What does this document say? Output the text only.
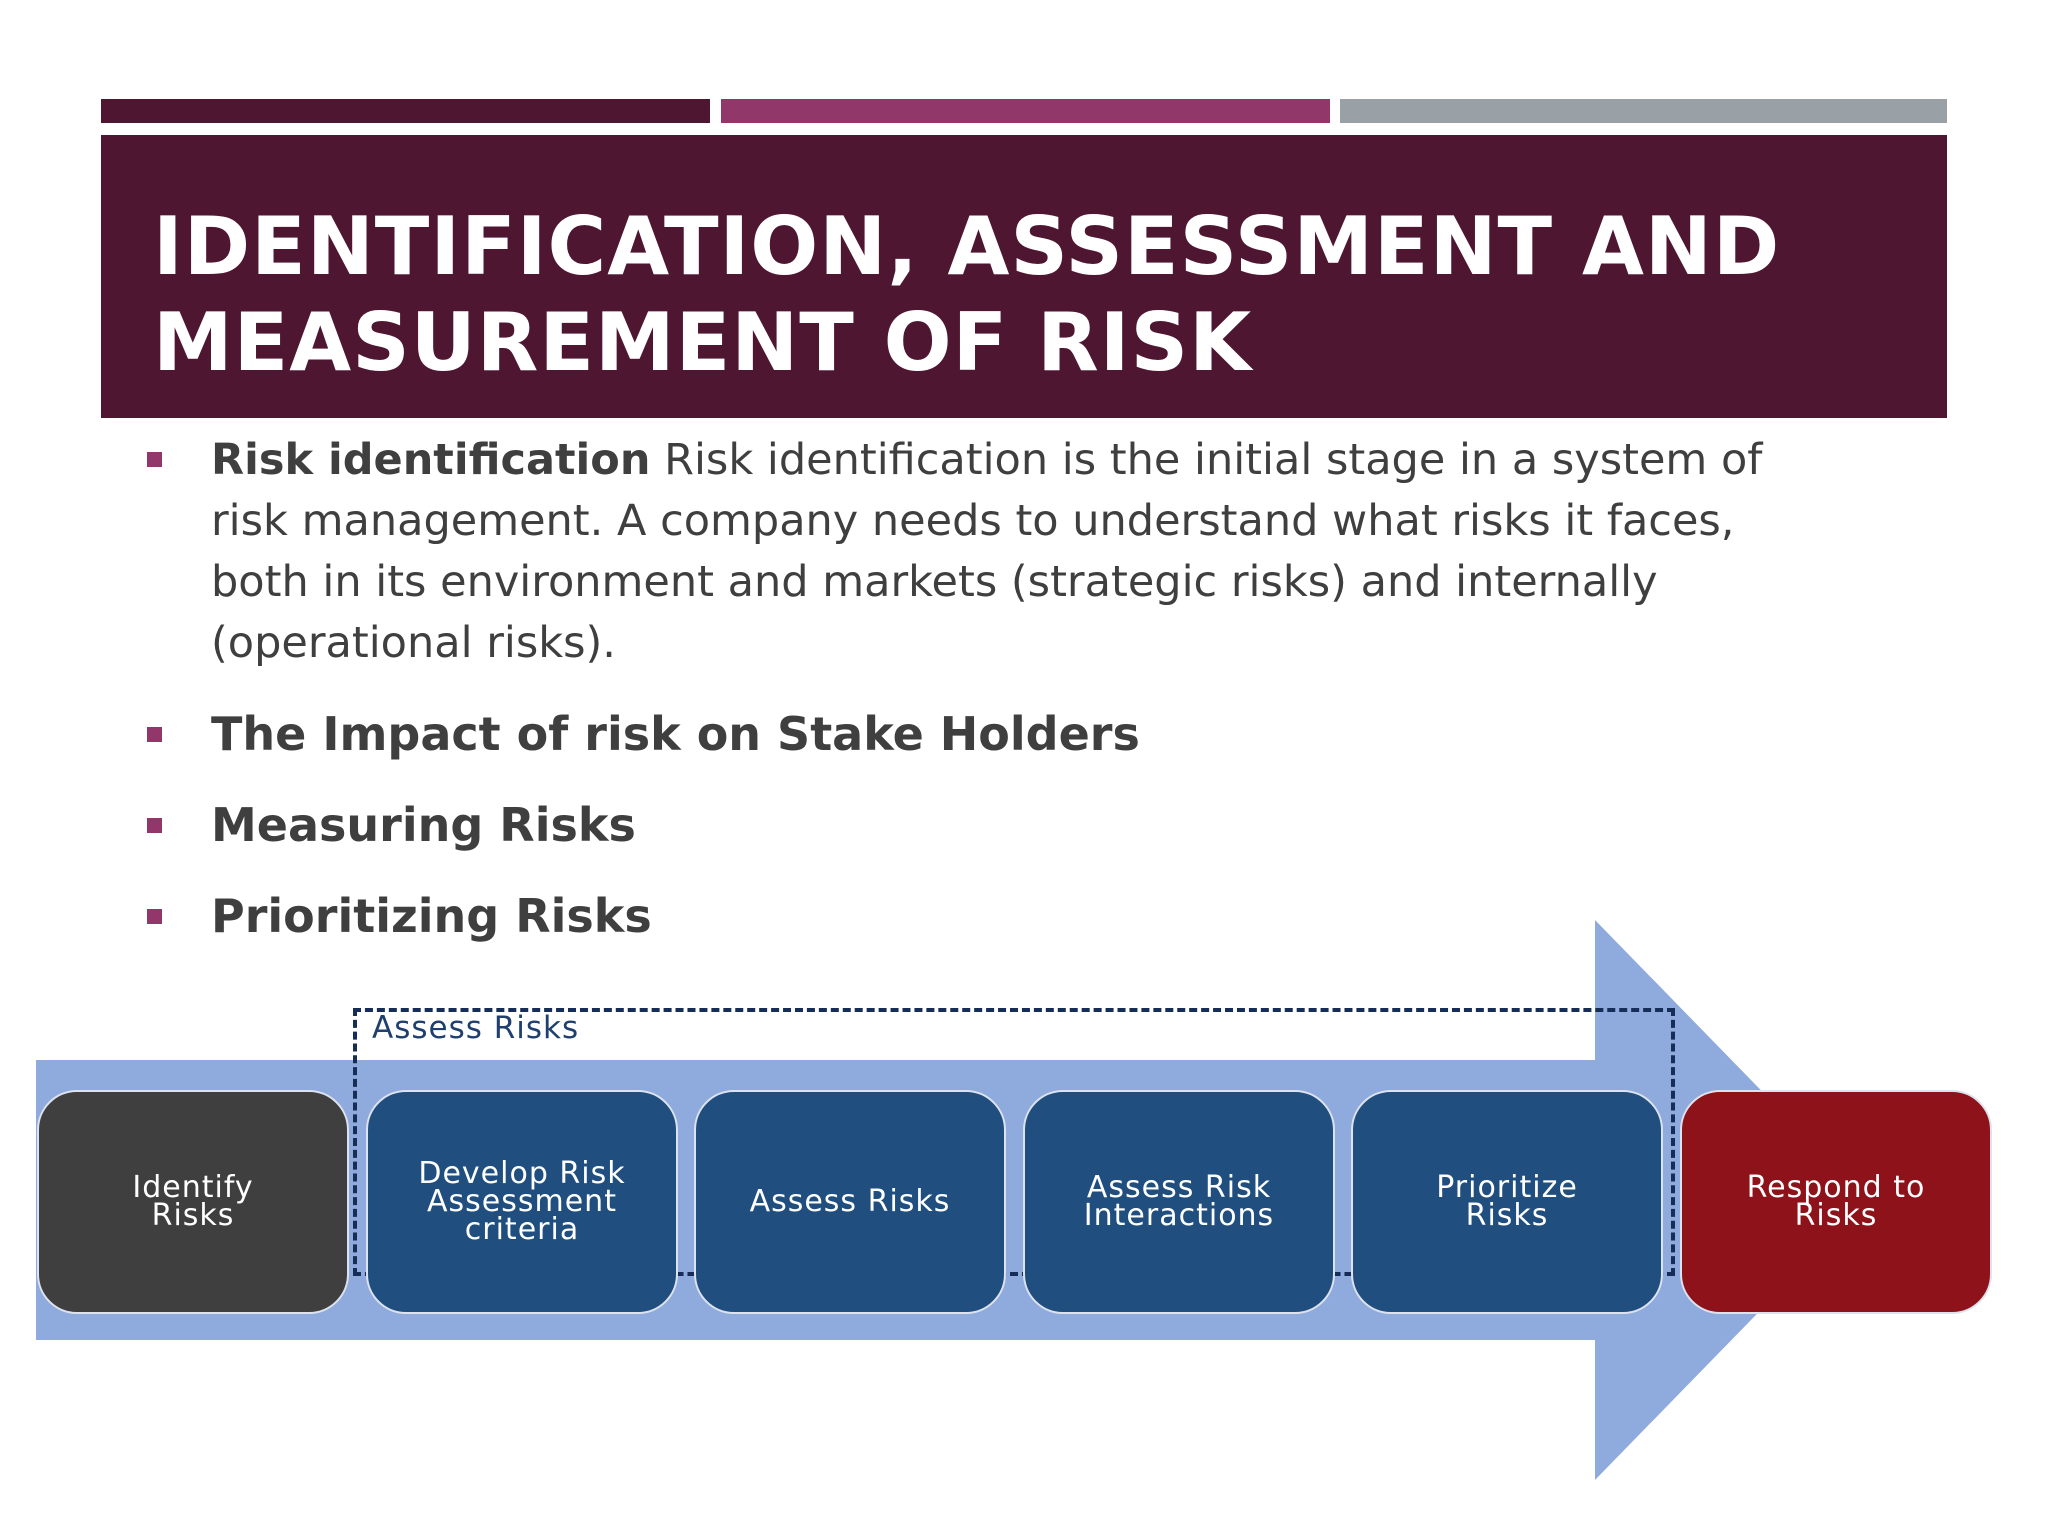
IDENTIFICATION, ASSESSMENT AND MEASUREMENT OF RISK
Risk identification Risk identification is the initial stage in a system of risk management. A company needs to understand what risks it faces, both in its environment and markets (strategic risks) and internally (operational risks).
The Impact of risk on Stake Holders
Measuring Risks
Prioritizing Risks
Assess Risks
Identify
Risks
Develop Risk
Assessment
criteria
Assess Risks	Assess Risk
Interactions
Prioritize
Risks
Respond to
Risks
